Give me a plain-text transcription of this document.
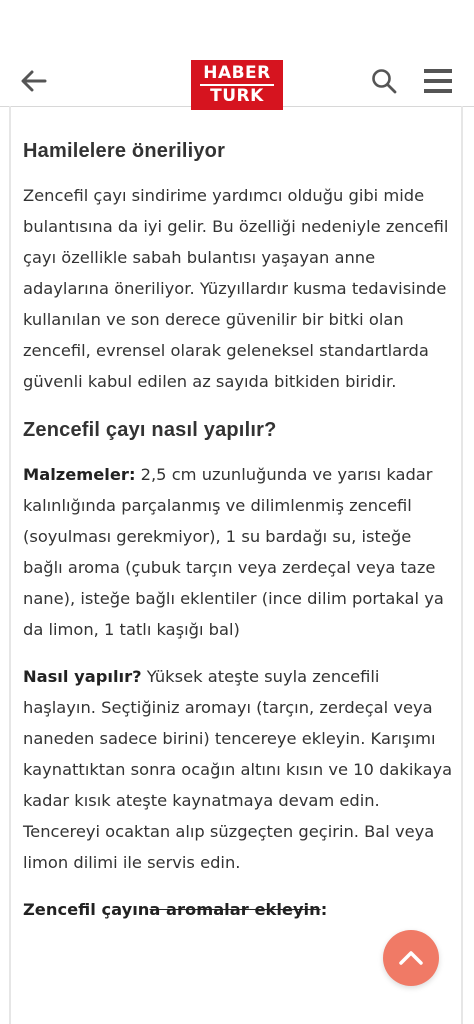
HABER
TURK
Hamilelere öneriliyor

Zencefil çayı sindirime yardımcı olduğu gibi mide bulantısına da iyi gelir. Bu özelliği nedeniyle zencefil çayı özellikle sabah bulantısı yaşayan anne adaylarına öneriliyor. Yüzyıllardır kusma tedavisinde kullanılan ve son derece güvenilir bir bitki olan zencefil, evrensel olarak geleneksel standartlarda güvenli kabul edilen az sayıda bitkiden biridir.

Zencefil çayı nasıl yapılır?

Malzemeler: 2,5 cm uzunluğunda ve yarısı kadar kalınlığında parçalanmış ve dilimlenmiş zencefil (soyulması gerekmiyor), 1 su bardağı su, isteğe bağlı aroma (çubuk tarçın veya zerdeçal veya taze nane), isteğe bağlı eklentiler (ince dilim portakal ya da limon, 1 tatlı kaşığı bal)

Nasıl yapılır? Yüksek ateşte suyla zencefili haşlayın. Seçtiğiniz aromayı (tarçın, zerdeçal veya naneden sadece birini) tencereye ekleyin. Karışımı kaynattıktan sonra ocağın altını kısın ve 10 dakikaya kadar kısık ateşte kaynatmaya devam edin. Tencereyi ocaktan alıp süzgeçten geçirin. Bal veya limon dilimi ile servis edin.

Zencefil çayına aromalar ekleyin:
